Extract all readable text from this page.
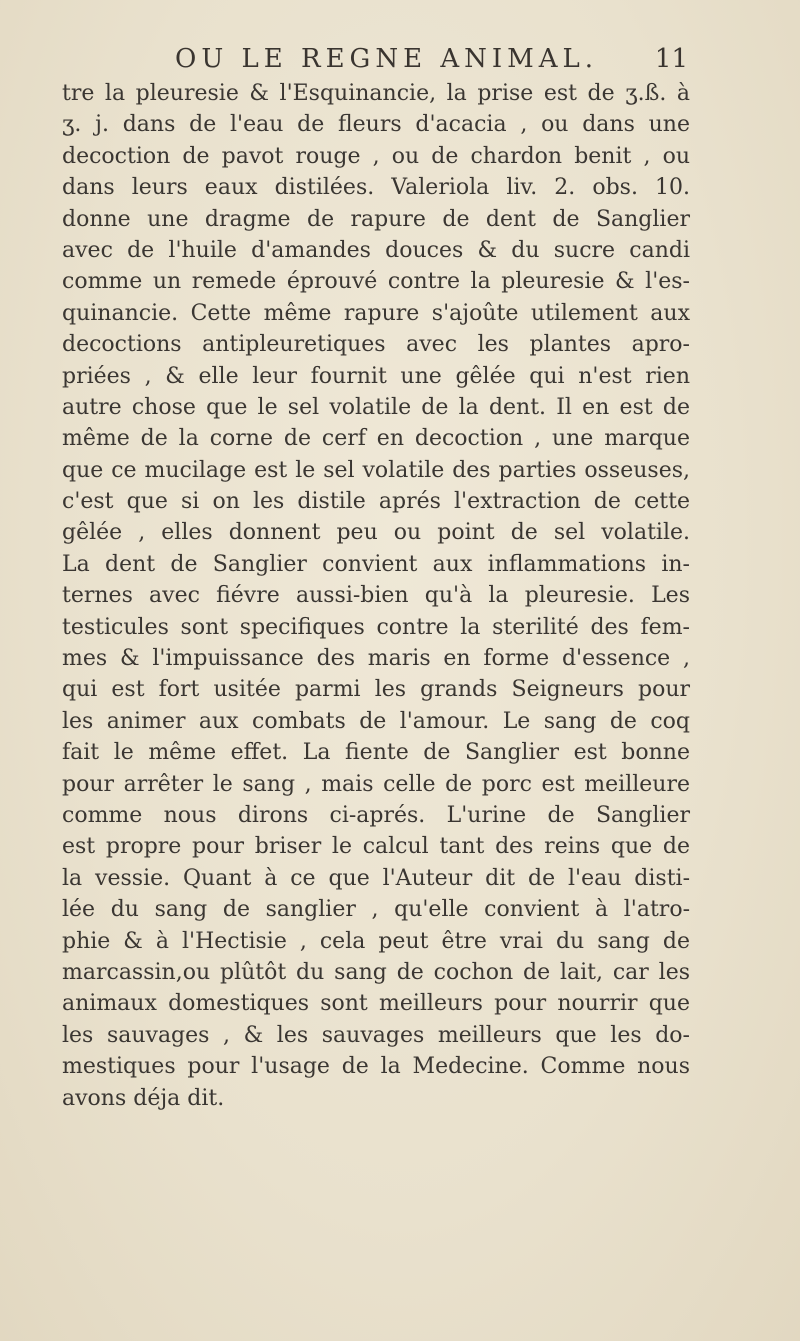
OU LE REGNE ANIMAL. 11
tre la pleuresie & l'Esquinancie, la prise est de ʒ.ß. à
ʒ. j. dans de l'eau de fleurs d'acacia , ou dans une
decoction de pavot rouge , ou de chardon benit , ou
dans leurs eaux distilées. Valeriola liv. 2. obs. 10.
donne une dragme de rapure de dent de Sanglier
avec de l'huile d'amandes douces & du sucre candi
comme un remede éprouvé contre la pleuresie & l'es-
quinancie. Cette même rapure s'ajoûte utilement aux
decoctions antipleuretiques avec les plantes apro-
priées , & elle leur fournit une gêlée qui n'est rien
autre chose que le sel volatile de la dent. Il en est de
même de la corne de cerf en decoction , une marque
que ce mucilage est le sel volatile des parties osseuses,
c'est que si on les distile aprés l'extraction de cette
gêlée , elles donnent peu ou point de sel volatile.
La dent de Sanglier convient aux inflammations in-
ternes avec fiévre aussi-bien qu'à la pleuresie. Les
testicules sont specifiques contre la sterilité des fem-
mes & l'impuissance des maris en forme d'essence ,
qui est fort usitée parmi les grands Seigneurs pour
les animer aux combats de l'amour. Le sang de coq
fait le même effet. La fiente de Sanglier est bonne
pour arrêter le sang , mais celle de porc est meilleure
comme nous dirons ci-aprés. L'urine de Sanglier
est propre pour briser le calcul tant des reins que de
la vessie. Quant à ce que l'Auteur dit de l'eau disti-
lée du sang de sanglier , qu'elle convient à l'atro-
phie & à l'Hectisie , cela peut être vrai du sang de
marcassin,ou plûtôt du sang de cochon de lait, car les
animaux domestiques sont meilleurs pour nourrir que
les sauvages , & les sauvages meilleurs que les do-
mestiques pour l'usage de la Medecine. Comme nous
avons déja dit.
